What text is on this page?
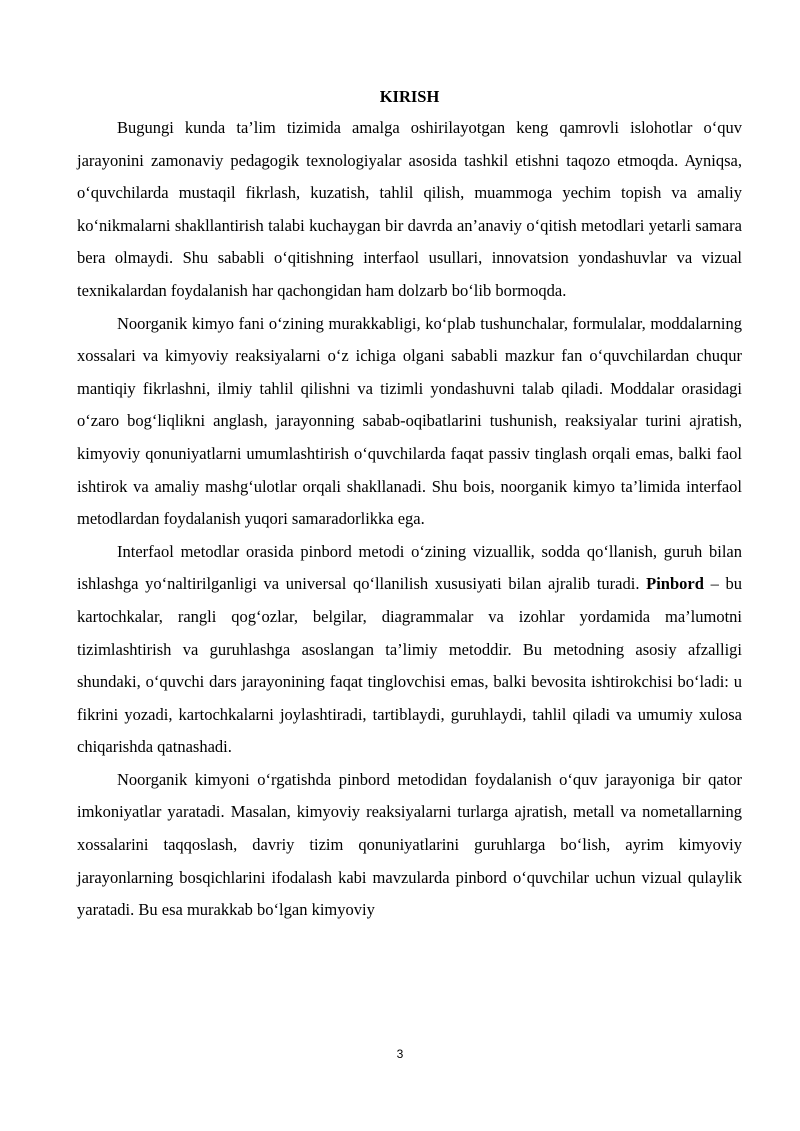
KIRISH

Bugungi kunda ta’lim tizimida amalga oshirilayotgan keng qamrovli islohotlar o‘quv jarayonini zamonaviy pedagogik texnologiyalar asosida tashkil etishni taqozo etmoqda. Ayniqsa, o‘quvchilarda mustaqil fikrlash, kuzatish, tahlil qilish, muammoga yechim topish va amaliy ko‘nikmalarni shakllantirish talabi kuchaygan bir davrda an’anaviy o‘qitish metodlari yetarli samara bera olmaydi. Shu sababli o‘qitishning interfaol usullari, innovatsion yondashuvlar va vizual texnikalardan foydalanish har qachongidan ham dolzarb bo‘lib bormoqda.

Noorganik kimyo fani o‘zining murakkabligi, ko‘plab tushunchalar, formulalar, moddalarning xossalari va kimyoviy reaksiyalarni o‘z ichiga olgani sababli mazkur fan o‘quvchilardan chuqur mantiqiy fikrlashni, ilmiy tahlil qilishni va tizimli yondashuvni talab qiladi. Moddalar orasidagi o‘zaro bog‘liqlikni anglash, jarayonning sabab-oqibatlarini tushunish, reaksiyalar turini ajratish, kimyoviy qonuniyatlarni umumlashtirish o‘quvchilarda faqat passiv tinglash orqali emas, balki faol ishtirok va amaliy mashg‘ulotlar orqali shakllanadi. Shu bois, noorganik kimyo ta’limida interfaol metodlardan foydalanish yuqori samaradorlikka ega.

Interfaol metodlar orasida pinbord metodi o‘zining vizuallik, sodda qo‘llanish, guruh bilan ishlashga yo‘naltirilganligi va universal qo‘llanilish xususiyati bilan ajralib turadi. Pinbord – bu kartochkalar, rangli qog‘ozlar, belgilar, diagrammalar va izohlar yordamida ma’lumotni tizimlashtirish va guruhlashga asoslangan ta’limiy metoddir. Bu metodning asosiy afzalligi shundaki, o‘quvchi dars jarayonining faqat tinglovchisi emas, balki bevosita ishtirokchisi bo‘ladi: u fikrini yozadi, kartochkalarni joylashtiradi, tartiblaydi, guruhlaydi, tahlil qiladi va umumiy xulosa chiqarishda qatnashadi.

Noorganik kimyoni o‘rgatishda pinbord metodidan foydalanish o‘quv jarayoniga bir qator imkoniyatlar yaratadi. Masalan, kimyoviy reaksiyalarni turlarga ajratish, metall va nometallarning xossalarini taqqoslash, davriy tizim qonuniyatlarini guruhlarga bo‘lish, ayrim kimyoviy jarayonlarning bosqichlarini ifodalash kabi mavzularda pinbord o‘quvchilar uchun vizual qulaylik yaratadi. Bu esa murakkab bo‘lgan kimyoviy

3
